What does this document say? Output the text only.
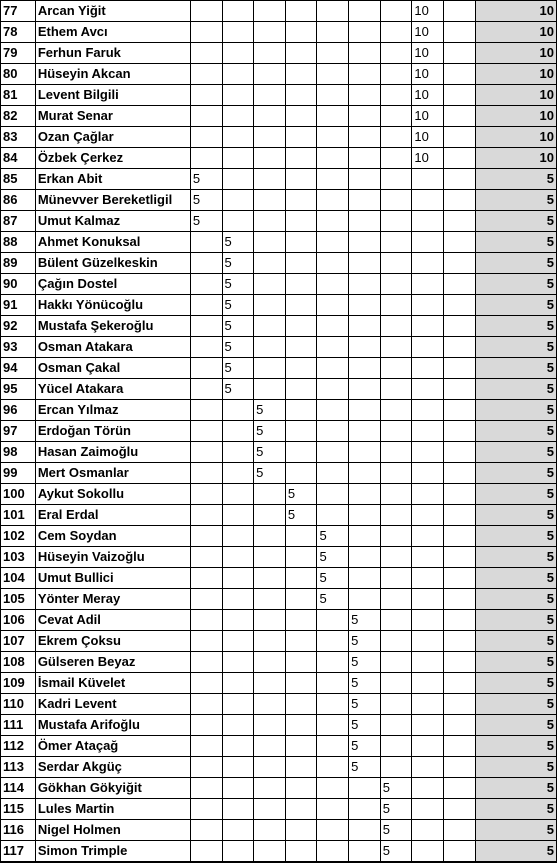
77	Arcan Yiğit								10		10
78	Ethem Avcı								10		10
79	Ferhun Faruk								10		10
80	Hüseyin Akcan								10		10
81	Levent Bilgili								10		10
82	Murat Senar								10		10
83	Ozan Çağlar								10		10
84	Özbek Çerkez								10		10
85	Erkan Abit	5									5
86	Münevver Bereketligil	5									5
87	Umut Kalmaz	5									5
88	Ahmet Konuksal		5								5
89	Bülent Güzelkeskin		5								5
90	Çağın Dostel		5								5
91	Hakkı Yönücoğlu		5								5
92	Mustafa Şekeroğlu		5								5
93	Osman Atakara		5								5
94	Osman Çakal		5								5
95	Yücel Atakara		5								5
96	Ercan Yılmaz			5							5
97	Erdoğan Törün			5							5
98	Hasan Zaimoğlu			5							5
99	Mert Osmanlar			5							5
100	Aykut Sokollu				5						5
101	Eral Erdal				5						5
102	Cem Soydan					5					5
103	Hüseyin Vaizoğlu					5					5
104	Umut Bullici					5					5
105	Yönter Meray					5					5
106	Cevat Adil						5				5
107	Ekrem Çoksu						5				5
108	Gülseren Beyaz						5				5
109	İsmail Küvelet						5				5
110	Kadri Levent						5				5
111	Mustafa Arifoğlu						5				5
112	Ömer Ataçağ						5				5
113	Serdar Akgüç						5				5
114	Gökhan Gökyiğit							5			5
115	Lules Martin							5			5
116	Nigel Holmen							5			5
117	Simon Trimple							5			5
